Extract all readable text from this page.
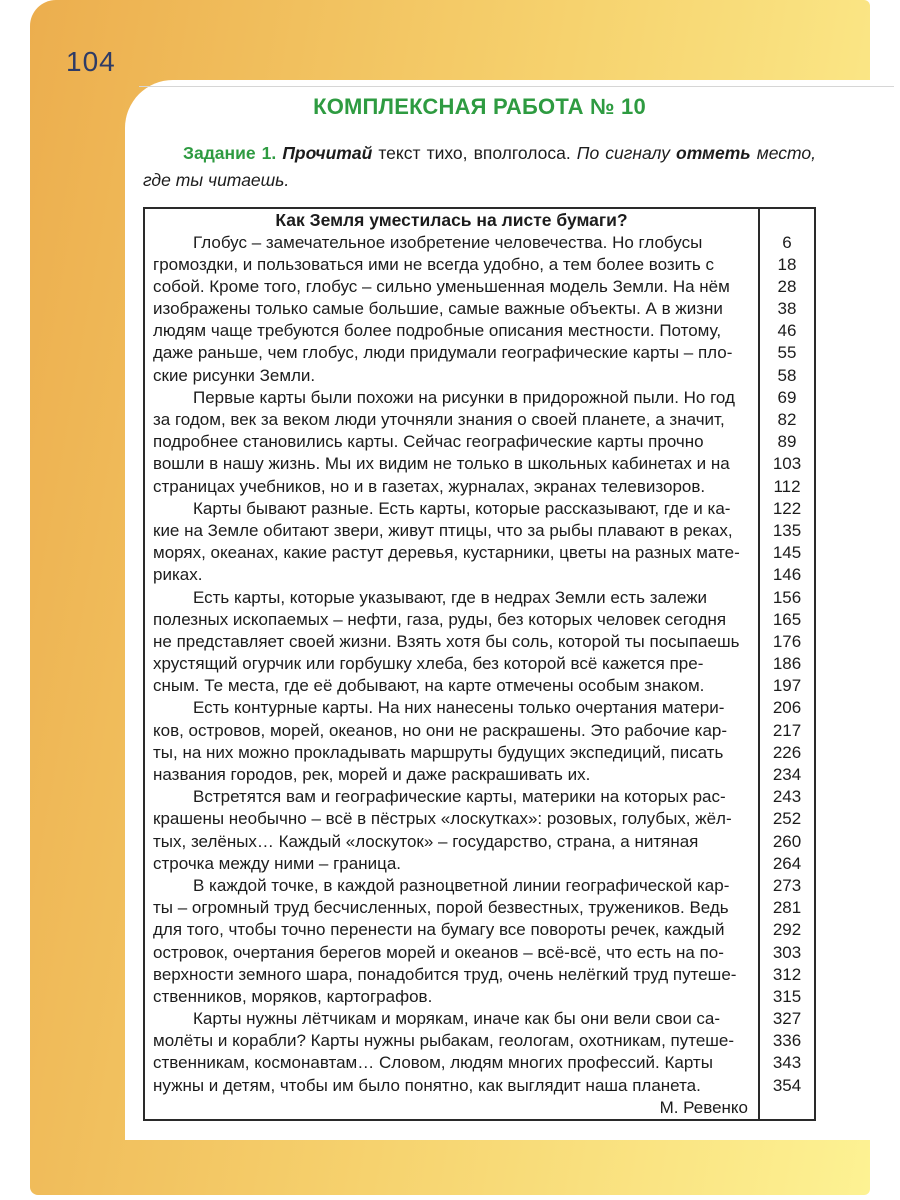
104
КОМПЛЕКСНАЯ РАБОТА № 10

Задание 1. Прочитай текст тихо, вполголоса. По сигналу отметь место, где ты читаешь.

Как Земля уместилась на листе бумаги?
Глобус – замечательное изобретение человечества. Но глобусы	6
громоздки, и пользоваться ими не всегда удобно, а тем более возить с	18
собой. Кроме того, глобус – сильно уменьшенная модель Земли. На нём	28
изображены только самые большие, самые важные объекты. А в жизни	38
людям чаще требуются более подробные описания местности. Потому,	46
даже раньше, чем глобус, люди придумали географические карты – пло-	55
ские рисунки Земли.	58
Первые карты были похожи на рисунки в придорожной пыли. Но год	69
за годом, век за веком люди уточняли знания о своей планете, а значит,	82
подробнее становились карты. Сейчас географические карты прочно	89
вошли в нашу жизнь. Мы их видим не только в школьных кабинетах и на	103
страницах учебников, но и в газетах, журналах, экранах телевизоров.	112
Карты бывают разные. Есть карты, которые рассказывают, где и ка-	122
кие на Земле обитают звери, живут птицы, что за рыбы плавают в реках,	135
морях, океанах, какие растут деревья, кустарники, цветы на разных мате-	145
риках.	146
Есть карты, которые указывают, где в недрах Земли есть залежи	156
полезных ископаемых – нефти, газа, руды, без которых человек сегодня	165
не представляет своей жизни. Взять хотя бы соль, которой ты посыпаешь	176
хрустящий огурчик или горбушку хлеба, без которой всё кажется пре-	186
сным. Те места, где её добывают, на карте отмечены особым знаком.	197
Есть контурные карты. На них нанесены только очертания матери-	206
ков, островов, морей, океанов, но они не раскрашены. Это рабочие кар-	217
ты, на них можно прокладывать маршруты будущих экспедиций, писать	226
названия городов, рек, морей и даже раскрашивать их.	234
Встретятся вам и географические карты, материки на которых рас-	243
крашены необычно – всё в пёстрых «лоскутках»: розовых, голубых, жёл-	252
тых, зелёных… Каждый «лоскуток» – государство, страна, а нитяная	260
строчка между ними – граница.	264
В каждой точке, в каждой разноцветной линии географической кар-	273
ты – огромный труд бесчисленных, порой безвестных, тружеников. Ведь	281
для того, чтобы точно перенести на бумагу все повороты речек, каждый	292
островок, очертания берегов морей и океанов – всё-всё, что есть на по-	303
верхности земного шара, понадобится труд, очень нелёгкий труд путеше-	312
ственников, моряков, картографов.	315
Карты нужны лётчикам и морякам, иначе как бы они вели свои са-	327
молёты и корабли? Карты нужны рыбакам, геологам, охотникам, путеше-	336
ственникам, космонавтам… Словом, людям многих профессий. Карты	343
нужны и детям, чтобы им было понятно, как выглядит наша планета.	354
М. Ревенко
